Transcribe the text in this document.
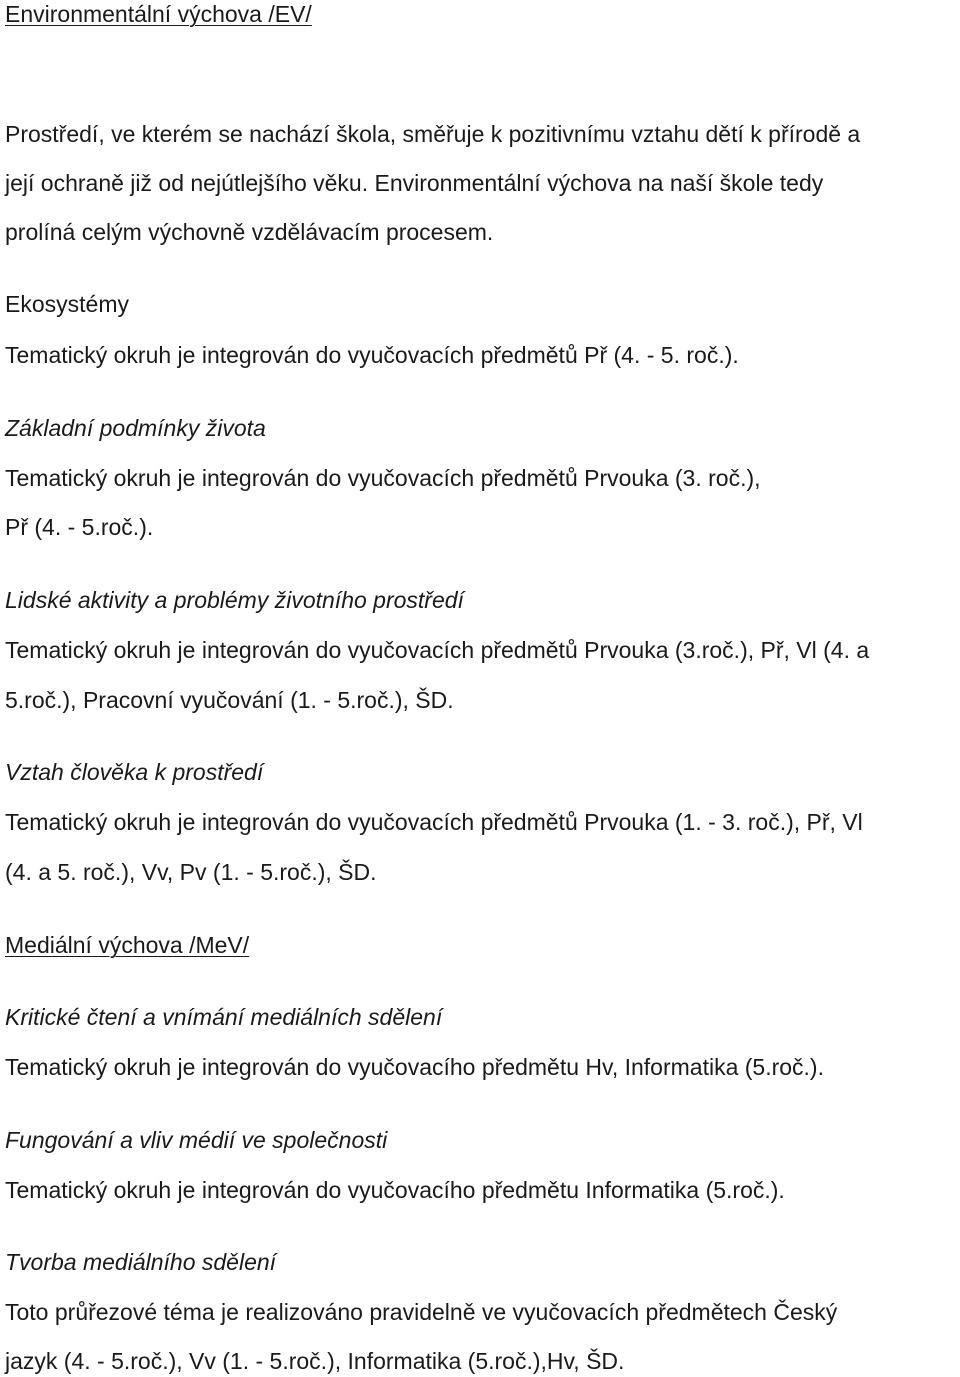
Environmentální výchova /EV/
Prostředí, ve kterém se nachází škola, směřuje k pozitivnímu vztahu dětí k přírodě a
její ochraně již od nejútlejšího věku. Environmentální výchova na naší škole tedy
prolíná celým výchovně vzdělávacím procesem.
Ekosystémy
Tematický okruh je integrován do vyučovacích předmětů Př (4. - 5. roč.).
Základní podmínky života
Tematický okruh je integrován do vyučovacích předmětů Prvouka (3. roč.),
Př (4. - 5.roč.).
Lidské aktivity a problémy životního prostředí
Tematický okruh je integrován do vyučovacích předmětů Prvouka (3.roč.), Př, Vl (4. a
5.roč.), Pracovní vyučování (1. - 5.roč.), ŠD.
Vztah člověka k prostředí
Tematický okruh je integrován do vyučovacích předmětů Prvouka (1. - 3. roč.), Př, Vl
(4. a 5. roč.), Vv, Pv (1. - 5.roč.), ŠD.
Mediální výchova /MeV/
Kritické čtení a vnímání mediálních sdělení
Tematický okruh je integrován do vyučovacího předmětu Hv, Informatika (5.roč.).
Fungování a vliv médií ve společnosti
Tematický okruh je integrován do vyučovacího předmětu Informatika (5.roč.).
Tvorba mediálního sdělení
Toto průřezové téma je realizováno pravidelně ve vyučovacích předmětech Český
jazyk (4. - 5.roč.), Vv (1. - 5.roč.), Informatika (5.roč.),Hv, ŠD.
